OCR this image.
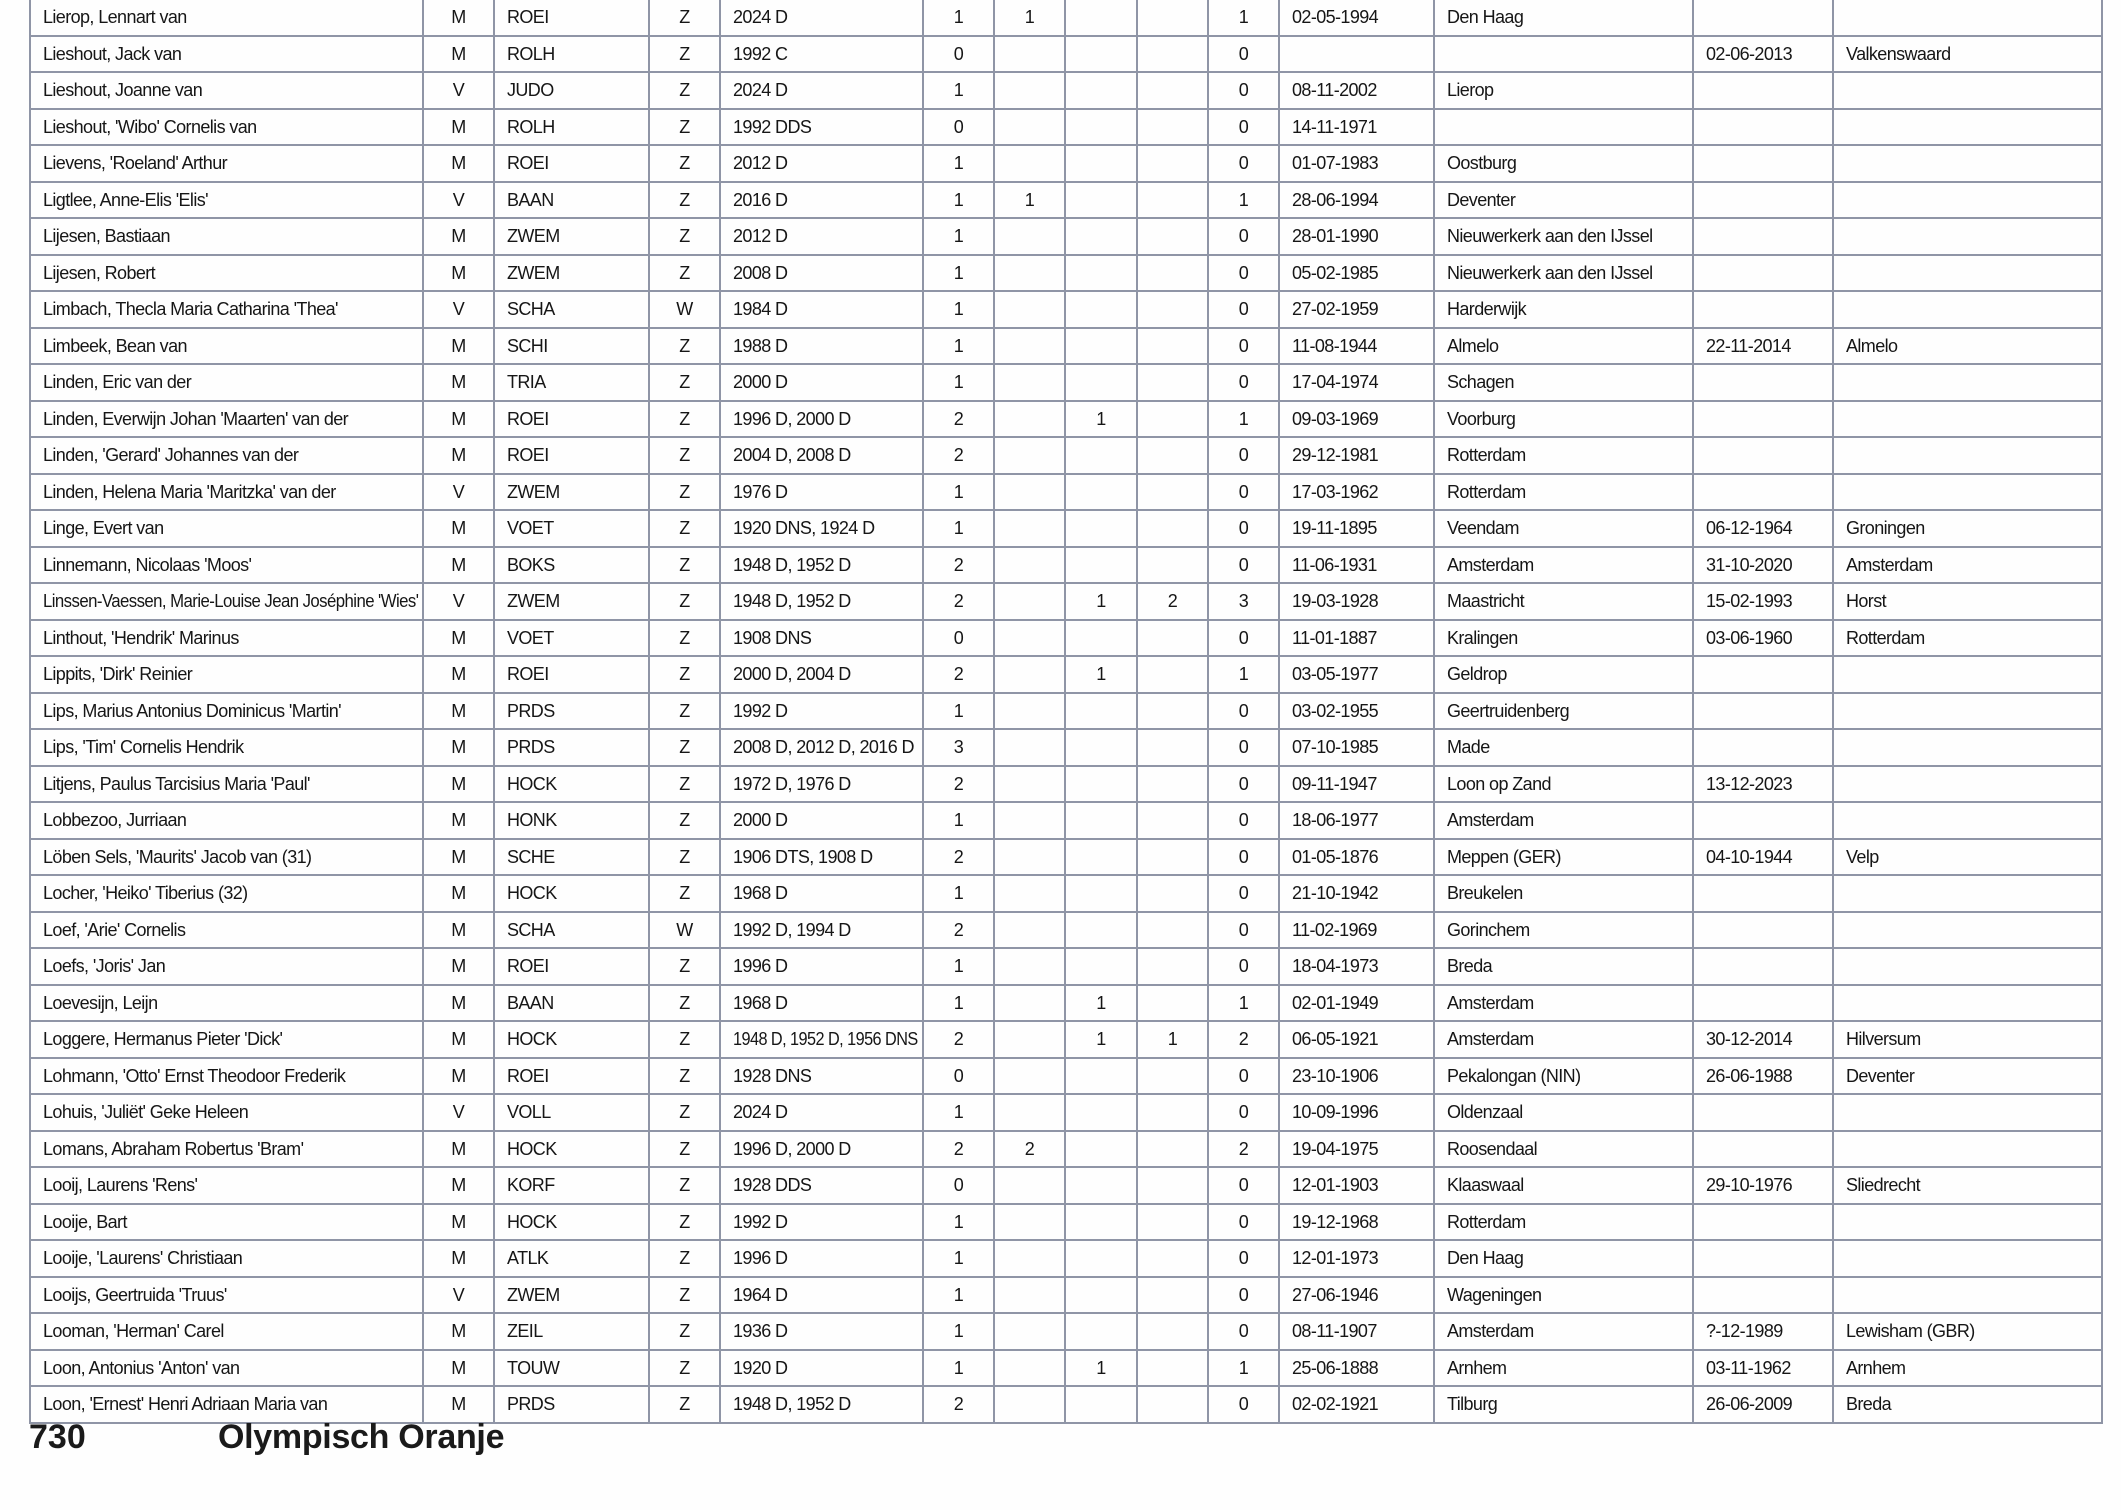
Lierop, Lennart van	M	ROEI	Z	2024 D	1	1			1	02-05-1994	Den Haag		
Lieshout, Jack van	M	ROLH	Z	1992 C	0				0			02-06-2013	Valkenswaard
Lieshout, Joanne van	V	JUDO	Z	2024 D	1				0	08-11-2002	Lierop		
Lieshout, 'Wibo' Cornelis van	M	ROLH	Z	1992 DDS	0				0	14-11-1971			
Lievens, 'Roeland' Arthur	M	ROEI	Z	2012 D	1				0	01-07-1983	Oostburg		
Ligtlee, Anne-Elis 'Elis'	V	BAAN	Z	2016 D	1	1			1	28-06-1994	Deventer		
Lijesen, Bastiaan	M	ZWEM	Z	2012 D	1				0	28-01-1990	Nieuwerkerk aan den IJssel		
Lijesen, Robert	M	ZWEM	Z	2008 D	1				0	05-02-1985	Nieuwerkerk aan den IJssel		
Limbach, Thecla Maria Catharina 'Thea'	V	SCHA	W	1984 D	1				0	27-02-1959	Harderwijk		
Limbeek, Bean van	M	SCHI	Z	1988 D	1				0	11-08-1944	Almelo	22-11-2014	Almelo
Linden, Eric van der	M	TRIA	Z	2000 D	1				0	17-04-1974	Schagen		
Linden, Everwijn Johan 'Maarten' van der	M	ROEI	Z	1996 D, 2000 D	2		1		1	09-03-1969	Voorburg		
Linden, 'Gerard' Johannes van der	M	ROEI	Z	2004 D, 2008 D	2				0	29-12-1981	Rotterdam		
Linden, Helena Maria 'Maritzka' van der	V	ZWEM	Z	1976 D	1				0	17-03-1962	Rotterdam		
Linge, Evert van	M	VOET	Z	1920 DNS, 1924 D	1				0	19-11-1895	Veendam	06-12-1964	Groningen
Linnemann, Nicolaas 'Moos'	M	BOKS	Z	1948 D, 1952 D	2				0	11-06-1931	Amsterdam	31-10-2020	Amsterdam
Linssen-Vaessen, Marie-Louise Jean Joséphine 'Wies'	V	ZWEM	Z	1948 D, 1952 D	2		1	2	3	19-03-1928	Maastricht	15-02-1993	Horst
Linthout, 'Hendrik' Marinus	M	VOET	Z	1908 DNS	0				0	11-01-1887	Kralingen	03-06-1960	Rotterdam
Lippits, 'Dirk' Reinier	M	ROEI	Z	2000 D, 2004 D	2		1		1	03-05-1977	Geldrop		
Lips, Marius Antonius Dominicus 'Martin'	M	PRDS	Z	1992 D	1				0	03-02-1955	Geertruidenberg		
Lips, 'Tim' Cornelis Hendrik	M	PRDS	Z	2008 D, 2012 D, 2016 D	3				0	07-10-1985	Made		
Litjens, Paulus Tarcisius Maria 'Paul'	M	HOCK	Z	1972 D, 1976 D	2				0	09-11-1947	Loon op Zand	13-12-2023	
Lobbezoo, Jurriaan	M	HONK	Z	2000 D	1				0	18-06-1977	Amsterdam		
Löben Sels, 'Maurits' Jacob van (31)	M	SCHE	Z	1906 DTS, 1908 D	2				0	01-05-1876	Meppen (GER)	04-10-1944	Velp
Locher, 'Heiko' Tiberius (32)	M	HOCK	Z	1968 D	1				0	21-10-1942	Breukelen		
Loef, 'Arie' Cornelis	M	SCHA	W	1992 D, 1994 D	2				0	11-02-1969	Gorinchem		
Loefs, 'Joris' Jan	M	ROEI	Z	1996 D	1				0	18-04-1973	Breda		
Loevesijn, Leijn	M	BAAN	Z	1968 D	1		1		1	02-01-1949	Amsterdam		
Loggere, Hermanus Pieter 'Dick'	M	HOCK	Z	1948 D, 1952 D, 1956 DNS	2		1	1	2	06-05-1921	Amsterdam	30-12-2014	Hilversum
Lohmann, 'Otto' Ernst Theodoor Frederik	M	ROEI	Z	1928 DNS	0				0	23-10-1906	Pekalongan (NIN)	26-06-1988	Deventer
Lohuis, 'Juliët' Geke Heleen	V	VOLL	Z	2024 D	1				0	10-09-1996	Oldenzaal		
Lomans, Abraham Robertus 'Bram'	M	HOCK	Z	1996 D, 2000 D	2	2			2	19-04-1975	Roosendaal		
Looij, Laurens 'Rens'	M	KORF	Z	1928 DDS	0				0	12-01-1903	Klaaswaal	29-10-1976	Sliedrecht
Looije, Bart	M	HOCK	Z	1992 D	1				0	19-12-1968	Rotterdam		
Looije, 'Laurens' Christiaan	M	ATLK	Z	1996 D	1				0	12-01-1973	Den Haag		
Looijs, Geertruida 'Truus'	V	ZWEM	Z	1964 D	1				0	27-06-1946	Wageningen		
Looman, 'Herman' Carel	M	ZEIL	Z	1936 D	1				0	08-11-1907	Amsterdam	?-12-1989	Lewisham (GBR)
Loon, Antonius 'Anton' van	M	TOUW	Z	1920 D	1		1		1	25-06-1888	Arnhem	03-11-1962	Arnhem
Loon, 'Ernest' Henri Adriaan Maria van	M	PRDS	Z	1948 D, 1952 D	2				0	02-02-1921	Tilburg	26-06-2009	Breda
730	Olympisch Oranje
